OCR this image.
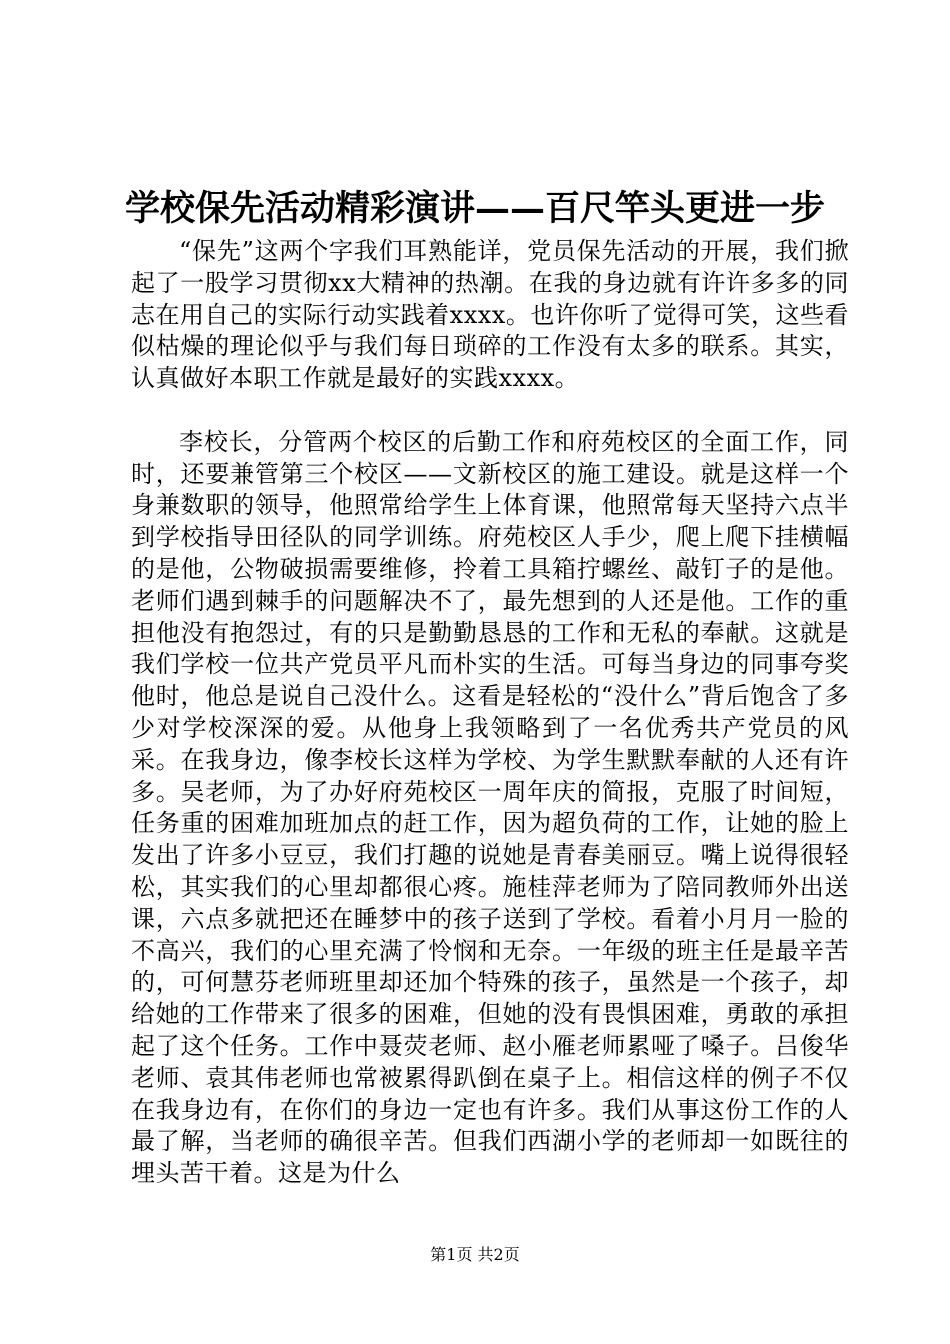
学校保先活动精彩演讲——百尺竿头更进一步

“保先”这两个字我们耳熟能详，党员保先活动的开展，我们掀起了一股学习贯彻xx大精神的热潮。在我的身边就有许许多多的同志在用自己的实际行动实践着xxxx。也许你听了觉得可笑，这些看似枯燥的理论似乎与我们每日琐碎的工作没有太多的联系。其实，认真做好本职工作就是最好的实践xxxx。

李校长，分管两个校区的后勤工作和府苑校区的全面工作，同时，还要兼管第三个校区——文新校区的施工建设。就是这样一个身兼数职的领导，他照常给学生上体育课，他照常每天坚持六点半到学校指导田径队的同学训练。府苑校区人手少，爬上爬下挂横幅的是他，公物破损需要维修，拎着工具箱拧螺丝、敲钉子的是他。老师们遇到棘手的问题解决不了，最先想到的人还是他。工作的重担他没有抱怨过，有的只是勤勤恳恳的工作和无私的奉献。这就是我们学校一位共产党员平凡而朴实的生活。可每当身边的同事夸奖他时，他总是说自己没什么。这看是轻松的“没什么”背后饱含了多少对学校深深的爱。从他身上我领略到了一名优秀共产党员的风采。在我身边，像李校长这样为学校、为学生默默奉献的人还有许多。吴老师，为了办好府苑校区一周年庆的简报，克服了时间短，任务重的困难加班加点的赶工作，因为超负荷的工作，让她的脸上发出了许多小豆豆，我们打趣的说她是青春美丽豆。嘴上说得很轻松，其实我们的心里却都很心疼。施桂萍老师为了陪同教师外出送课，六点多就把还在睡梦中的孩子送到了学校。看着小月月一脸的不高兴，我们的心里充满了怜悯和无奈。一年级的班主任是最辛苦的，可何慧芬老师班里却还加个特殊的孩子，虽然是一个孩子，却给她的工作带来了很多的困难，但她的没有畏惧困难，勇敢的承担起了这个任务。工作中聂荧老师、赵小雁老师累哑了嗓子。吕俊华老师、袁其伟老师也常被累得趴倒在桌子上。相信这样的例子不仅在我身边有，在你们的身边一定也有许多。我们从事这份工作的人最了解，当老师的确很辛苦。但我们西湖小学的老师却一如既往的埋头苦干着。这是为什么

第1页 共2页
